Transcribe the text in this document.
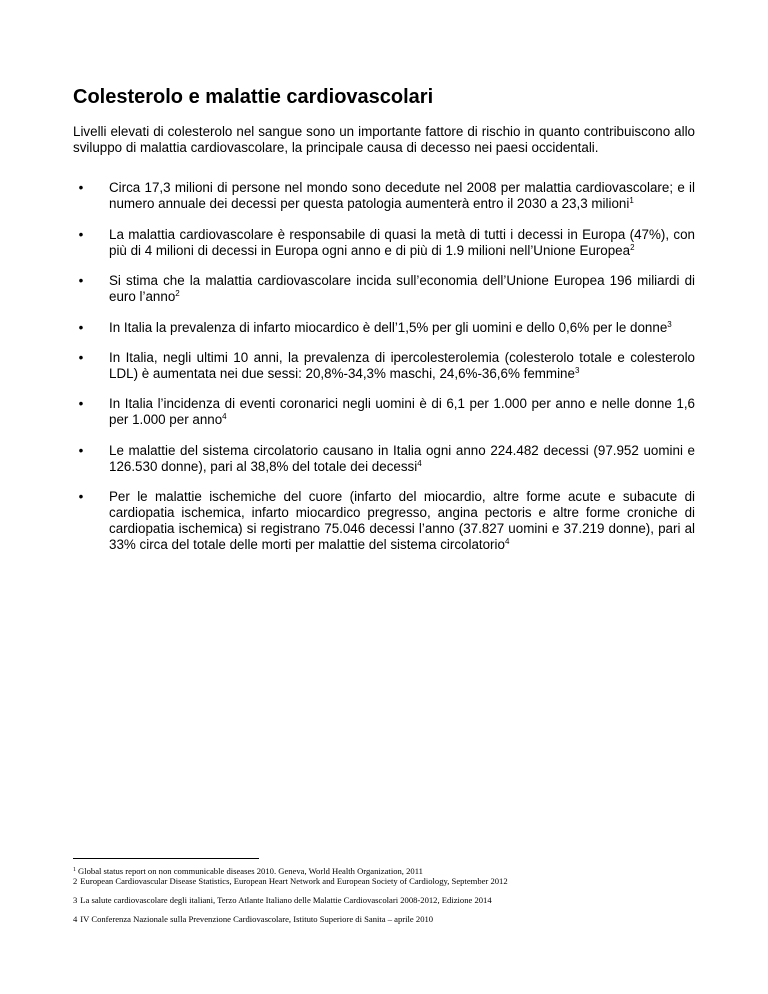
Colesterolo e malattie cardiovascolari

Livelli elevati di colesterolo nel sangue sono un importante fattore di rischio in quanto contribuiscono allo sviluppo di malattia cardiovascolare, la principale causa di decesso nei paesi occidentali.

• Circa 17,3 milioni di persone nel mondo sono decedute nel 2008 per malattia cardiovascolare; e il numero annuale dei decessi per questa patologia aumenterà entro il 2030 a 23,3 milioni$^1$
• La malattia cardiovascolare è responsabile di quasi la metà di tutti i decessi in Europa (47%), con più di 4 milioni di decessi in Europa ogni anno e di più di 1.9 milioni nell’Unione Europea$^2$
• Si stima che la malattia cardiovascolare incida sull’economia dell’Unione Europea 196 miliardi di euro l’anno$^2$
• In Italia la prevalenza di infarto miocardico è dell’1,5% per gli uomini e dello 0,6% per le donne$^3$
• In Italia, negli ultimi 10 anni, la prevalenza di ipercolesterolemia (colesterolo totale e colesterolo LDL) è aumentata nei due sessi: 20,8%-34,3% maschi, 24,6%-36,6% femmine$^3$
• In Italia l’incidenza di eventi coronarici negli uomini è di 6,1 per 1.000 per anno e nelle donne 1,6 per 1.000 per anno$^4$
• Le malattie del sistema circolatorio causano in Italia ogni anno 224.482 decessi (97.952 uomini e 126.530 donne), pari al 38,8% del totale dei decessi$^4$
• Per le malattie ischemiche del cuore (infarto del miocardio, altre forme acute e subacute di cardiopatia ischemica, infarto miocardico pregresso, angina pectoris e altre forme croniche di cardiopatia ischemica) si registrano 75.046 decessi l’anno (37.827 uomini e 37.219 donne), pari al 33% circa del totale delle morti per malattie del sistema circolatorio$^4$
$^1$ Global status report on non communicable diseases 2010. Geneva, World Health Organization, 2011
2 European Cardiovascular Disease Statistics, European Heart Network and European Society of Cardiology, September 2012
3 La salute cardiovascolare degli italiani, Terzo Atlante Italiano delle Malattie Cardiovascolari 2008-2012, Edizione 2014
4 IV Conferenza Nazionale sulla Prevenzione Cardiovascolare, Istituto Superiore di Sanita – aprile 2010
